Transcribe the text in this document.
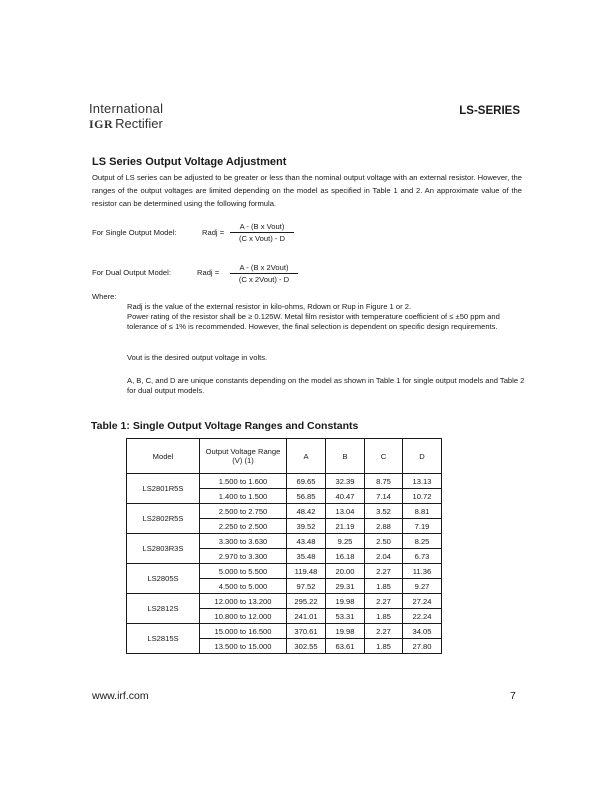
International
IGR Rectifier
LS-SERIES
LS Series Output Voltage Adjustment

Output of LS series can be adjusted to be greater or less than the nominal output voltage with an external resistor. However, the ranges of the output voltages are limited depending on the model as specified in Table 1 and 2. An approximate value of the resistor can be determined using the following formula.

For Single Output Model:	Radj =
A - (B x Vout)
(C x Vout) - D
For Dual Output Model:	Radj =
A - (B x 2Vout)
(C x 2Vout) - D
Where:

Radj is the value of the external resistor in kilo-ohms, Rdown or Rup in Figure 1 or 2.

Power rating of the resistor shall be ≥ 0.125W. Metal film resistor with temperature coefficient of ≤ ±50 ppm and tolerance of ≤ 1% is recommended. However, the final selection is dependent on specific design requirements.

Vout is the desired output voltage in volts.

A, B, C, and D are unique constants depending on the model as shown in Table 1 for single output models and Table 2 for dual output models.

Table 1: Single Output Voltage Ranges and Constants
Model	Output Voltage Range (V) (1)	A	B	C	D
LS2801R5S	1.500 to 1.600	69.65	32.39	8.75	13.13
	1.400 to 1.500	56.85	40.47	7.14	10.72
LS2802R5S	2.500 to 2.750	48.42	13.04	3.52	8.81
	2.250 to 2.500	39.52	21.19	2.88	7.19
LS2803R3S	3.300 to 3.630	43.48	9.25	2.50	8.25
	2.970 to 3.300	35.48	16.18	2.04	6.73
LS2805S	5.000 to 5.500	119.48	20.00	2.27	11.36
	4.500 to 5.000	97.52	29.31	1.85	9.27
LS2812S	12.000 to 13.200	295.22	19.98	2.27	27.24
	10.800 to 12.000	241.01	53.31	1.85	22.24
LS2815S	15.000 to 16.500	370.61	19.98	2.27	34.05
	13.500 to 15.000	302.55	63.61	1.85	27.80
www.irf.com	7
